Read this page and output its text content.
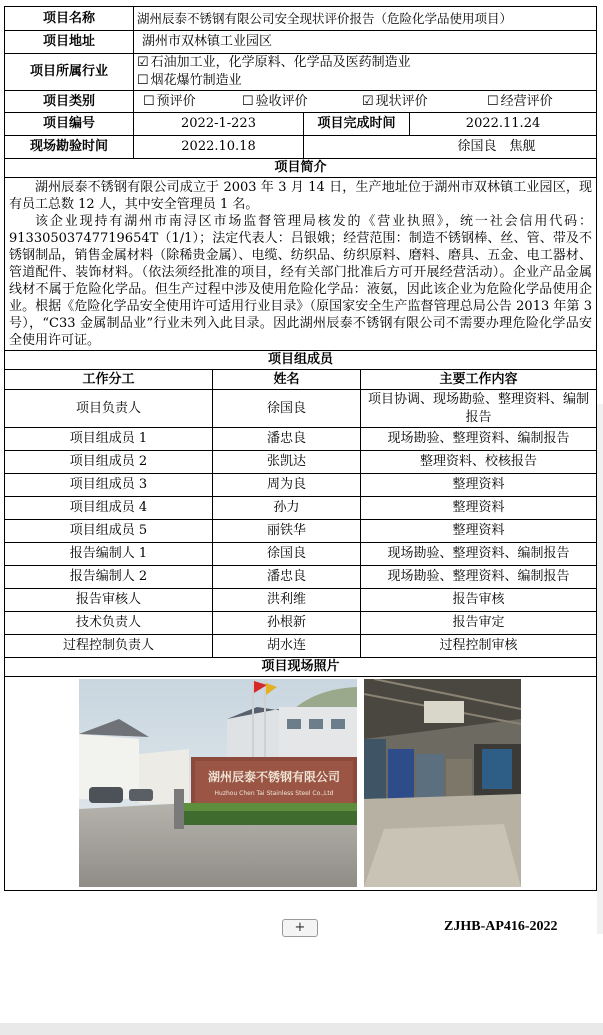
项目名称	湖州辰泰不锈钢有限公司安全现状评价报告（危险化学品使用项目）		
项目地址	湖州市双林镇工业园区		
项目所属行业	☑ 石油加工业，化学原料、化学品及医药制造业
☐ 烟花爆竹制造业		

项目类别	☐ 预评价 ☐ 验收评价 ☑ 现状评价 ☐ 经营评价		
项目编号	2022-1-223	项目完成时间	2022.11.24
现场勘验时间	2022.10.18		徐国良　焦舰
项目简介			

湖州辰泰不锈钢有限公司成立于 2003 年 3 月 14 日，生产地址位于湖州市双林镇工业园区，现有员工总数 12 人，其中安全管理员 1 名。

该企业现持有湖州市南浔区市场监督管理局核发的《营业执照》，统一社会信用代码：91330503747719654T（1/1）；法定代表人：吕银娥；经营范围：制造不锈钢棒、丝、管、带及不锈钢制品，销售金属材料（除稀贵金属）、电缆、纺织品、纺织原料、磨料、磨具、五金、电工器材、管道配件、装饰材料。（依法须经批准的项目，经有关部门批准后方可开展经营活动）。企业产品金属线材不属于危险化学品。但生产过程中涉及使用危险化学品：液氨，因此该企业为危险化学品使用企业。根据《危险化学品安全使用许可适用行业目录》（原国家安全生产监督管理总局公告 2013 年第 3 号），“C33 金属制品业”行业未列入此目录。因此湖州辰泰不锈钢有限公司不需要办理危险化学品安全使用许可证。			

项目组成员		
工作分工	姓名	主要工作内容
项目负责人	徐国良	项目协调、现场勘验、整理资料、编制报告
项目组成员 1	潘忠良	现场勘验、整理资料、编制报告
项目组成员 2	张凯达	整理资料、校核报告
项目组成员 3	周为良	整理资料
项目组成员 4	孙力	整理资料
项目组成员 5	丽铁华	整理资料
报告编制人 1	徐国良	现场勘验、整理资料、编制报告
报告编制人 2	潘忠良	现场勘验、整理资料、编制报告
报告审核人	洪利维	报告审核
技术负责人	孙根新	报告审定
过程控制负责人	胡水连	过程控制审核
项目现场照片		

湖州辰泰不锈钢有限公司
Huzhou Chen Tai Stainless Steel Co.,Ltd		
+	ZJHB-AP416-2022
